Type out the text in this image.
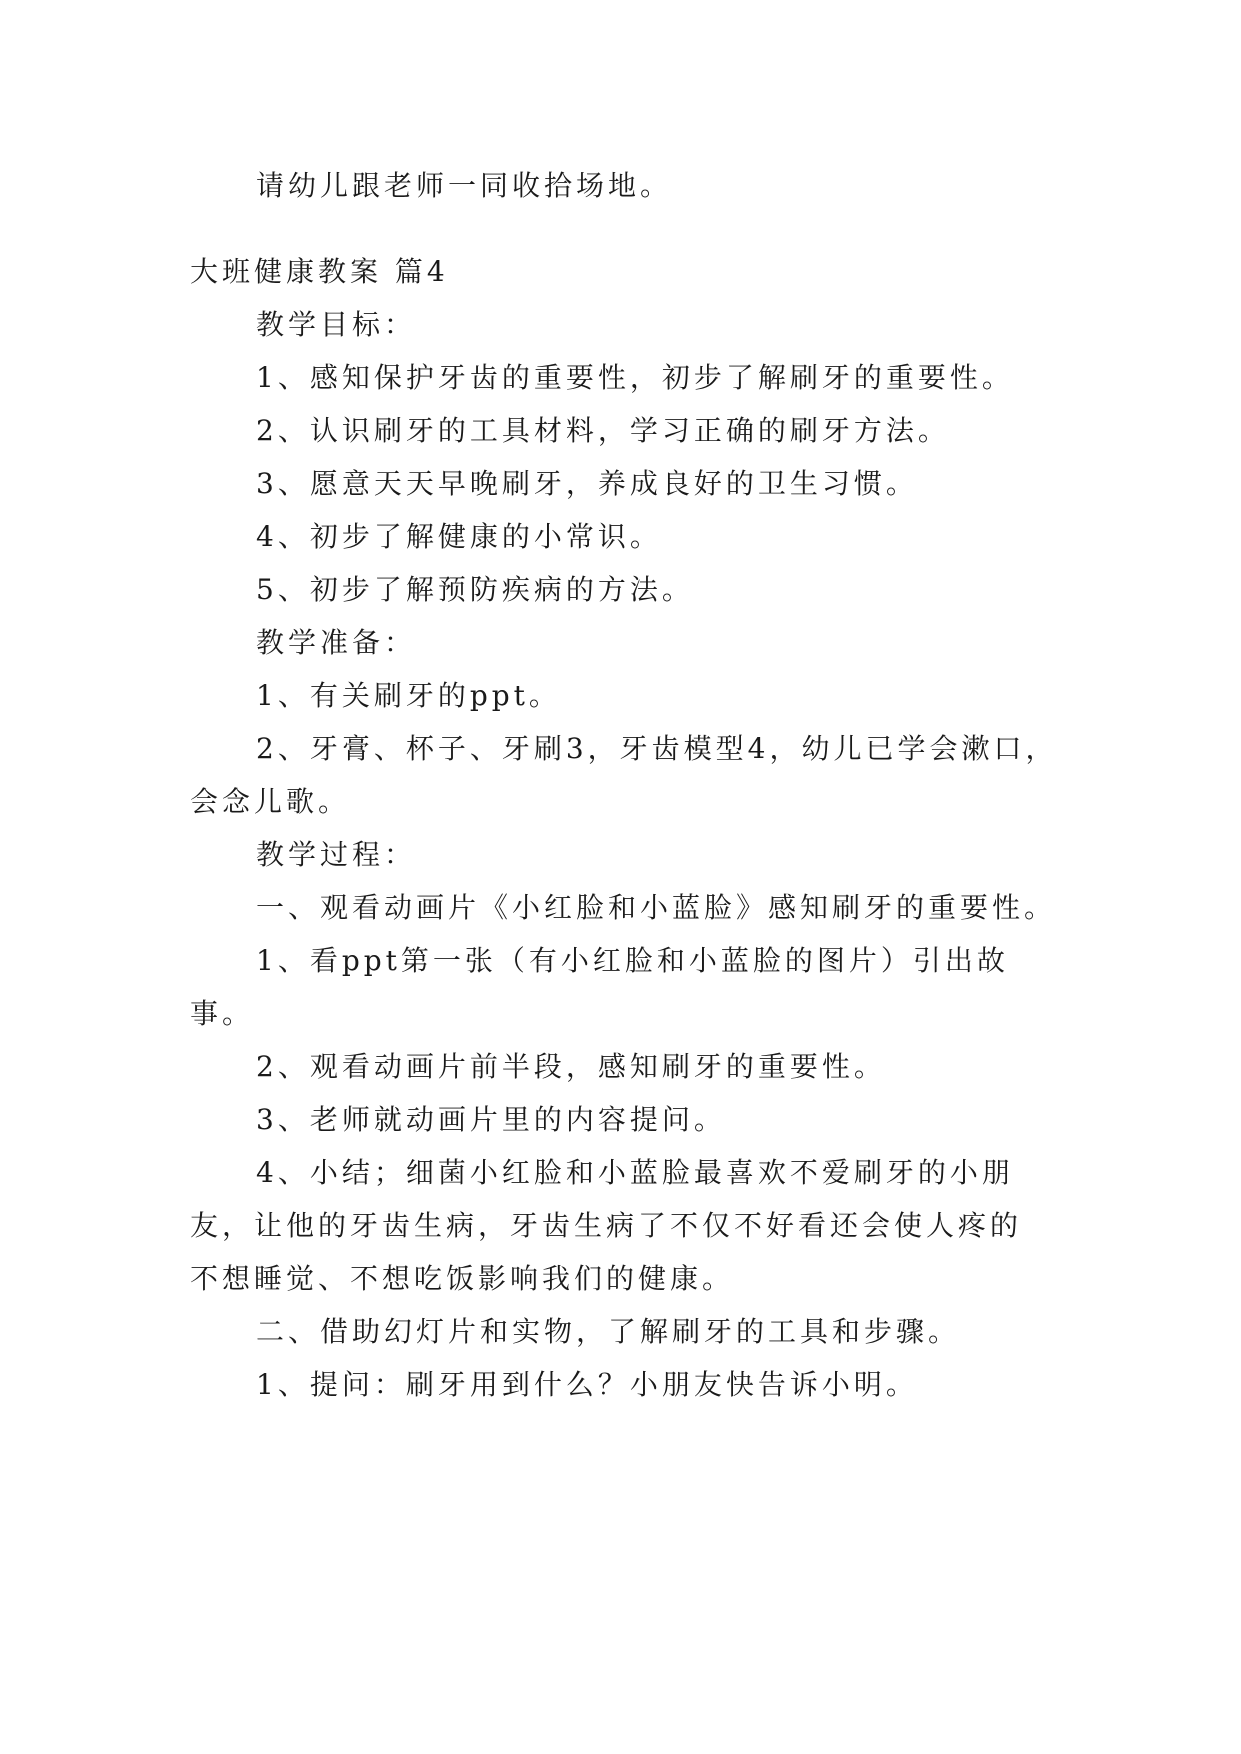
请幼儿跟老师一同收拾场地。
大班健康教案 篇4
教学目标：
1、感知保护牙齿的重要性，初步了解刷牙的重要性。
2、认识刷牙的工具材料，学习正确的刷牙方法。
3、愿意天天早晚刷牙，养成良好的卫生习惯。
4、初步了解健康的小常识。
5、初步了解预防疾病的方法。
教学准备：
1、有关刷牙的ppt。
2、牙膏、杯子、牙刷3，牙齿模型4，幼儿已学会漱口，
会念儿歌。
教学过程：
一、观看动画片《小红脸和小蓝脸》感知刷牙的重要性。
1、看ppt第一张（有小红脸和小蓝脸的图片）引出故
事。
2、观看动画片前半段，感知刷牙的重要性。
3、老师就动画片里的内容提问。
4、小结；细菌小红脸和小蓝脸最喜欢不爱刷牙的小朋
友，让他的牙齿生病，牙齿生病了不仅不好看还会使人疼的
不想睡觉、不想吃饭影响我们的健康。
二、借助幻灯片和实物，了解刷牙的工具和步骤。
1、提问：刷牙用到什么？小朋友快告诉小明。
